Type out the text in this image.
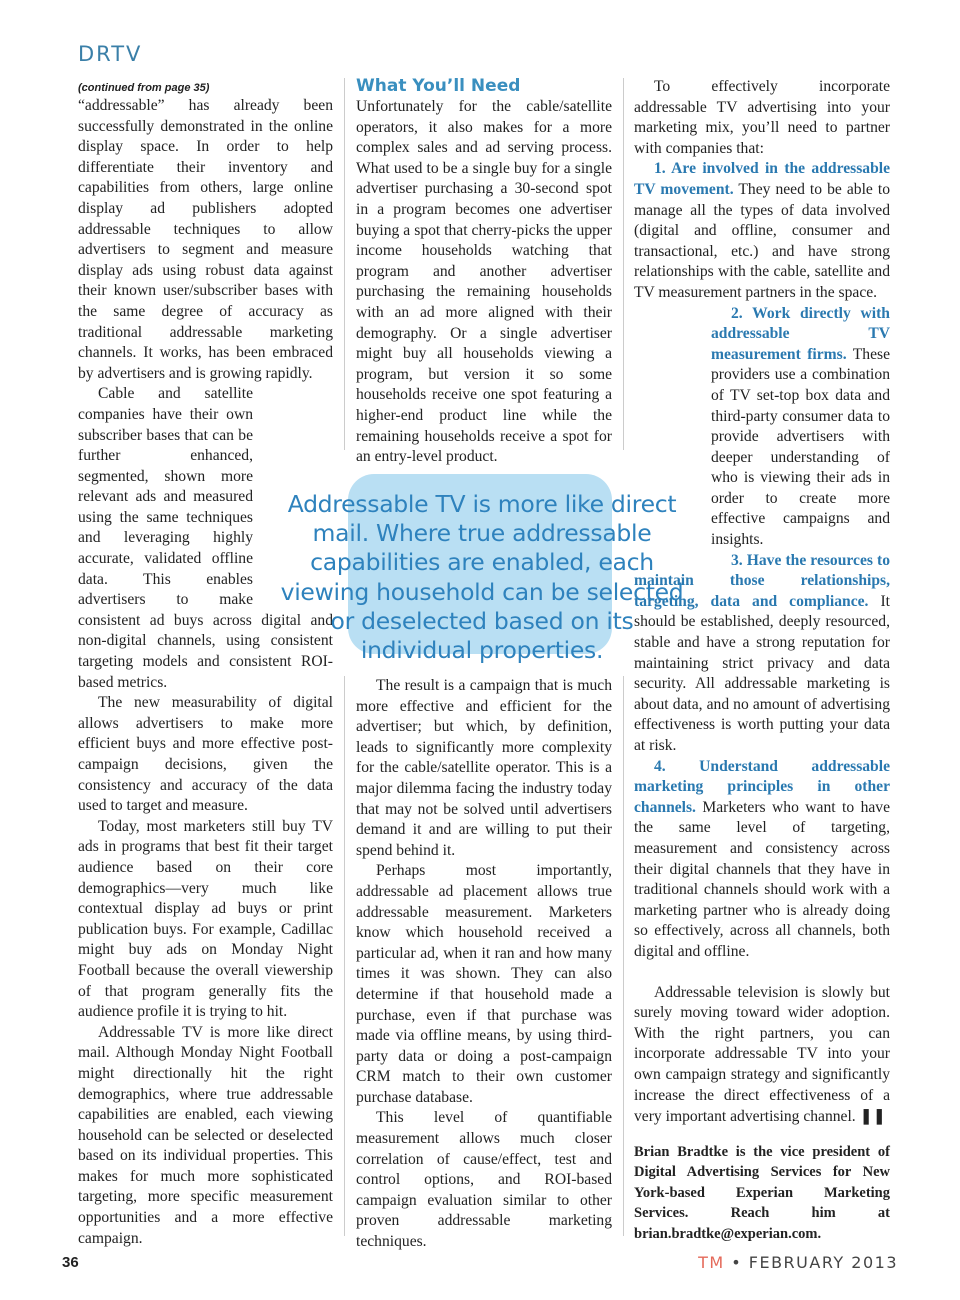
DRTV
(continued from page 35)

“addressable” has already been successfully demonstrated in the online display space. In order to help differentiate their inventory and capabilities from others, large online display ad publishers adopted addressable techniques to allow advertisers to segment and measure display ads using robust data against their known user/subscriber bases with the same degree of accuracy as traditional addressable marketing channels. It works, has been embraced by advertisers and is growing rapidly.

Cable and satellite companies have their own subscriber bases that can be further enhanced, segmented, shown more relevant ads and measured using the same techniques and leveraging highly accurate, validated offline data. This enables advertisers to make consistent ad buys across digital and non-digital channels, using consistent targeting models and consistent ROI-based metrics.

The new measurability of digital allows advertisers to make more efficient buys and more effective post-campaign decisions, given the consistency and accuracy of the data used to target and measure.

Today, most marketers still buy TV ads in programs that best fit their target audience based on their core demographics—very much like contextual display ad buys or print publication buys. For example, Cadillac might buy ads on Monday Night Football because the overall viewership of that program generally fits the audience profile it is trying to hit.

Addressable TV is more like direct mail. Although Monday Night Football might directionally hit the right demographics, where true addressable capabilities are enabled, each viewing household can be selected or deselected based on its individual properties. This makes for much more sophisticated targeting, more specific measurement opportunities and a more effective campaign.

What You’ll Need

Unfortunately for the cable/satellite operators, it also makes for a more complex sales and ad serving process. What used to be a single buy for a single advertiser purchasing a 30-second spot in a program becomes one advertiser buying a spot that cherry-picks the upper income households watching that program and another advertiser purchasing the remaining households with an ad more aligned with their demography. Or a single advertiser might buy all households viewing a program, but version it so some households receive one spot featuring a higher-end product line while the remaining households receive a spot for an entry-level product.

The result is a campaign that is much more effective and efficient for the advertiser; but which, by definition, leads to significantly more complexity for the cable/satellite operator. This is a major dilemma facing the industry today that may not be solved until advertisers demand it and are willing to put their spend behind it.

Perhaps most importantly, addressable ad placement allows true addressable measurement. Marketers know which household received a particular ad, when it ran and how many times it was shown. They can also determine if that household made a purchase, even if that purchase was made via offline means, by using third-party data or doing a post-campaign CRM match to their own customer purchase database.

This level of quantifiable measurement allows much closer correlation of cause/effect, test and control options, and ROI-based campaign evaluation similar to other proven addressable marketing techniques.

To effectively incorporate addressable TV advertising into your marketing mix, you’ll need to partner with companies that:

1. Are involved in the addressable TV movement. They need to be able to manage all the types of data involved (digital and offline, consumer and transactional, etc.) and have strong relationships with the cable, satellite and TV measurement partners in the space.

2. Work directly with addressable TV measurement firms. These providers use a combination of TV set-top box data and third-party consumer data to provide advertisers with deeper understanding of who is viewing their ads in order to create more effective campaigns and insights.

3. Have the resources to maintain those relationships, targeting, data and compliance. It should be established, deeply resourced, stable and have a strong reputation for maintaining strict privacy and data security. All addressable marketing is about data, and no amount of advertising effectiveness is worth putting your data at risk.

4. Understand addressable marketing principles in other channels. Marketers who want to have the same level of targeting, measurement and consistency across their digital channels that they have in traditional channels should work with a marketing partner who is already doing so effectively, across all channels, both digital and offline.

Addressable television is slowly but surely moving toward wider adoption. With the right partners, you can incorporate addressable TV into your own campaign strategy and significantly increase the direct effectiveness of a very important advertising channel. ❚❚

Brian Bradtke is the vice president of Digital Advertising Services for New York-based Experian Marketing Services. Reach him at brian.bradtke@experian.com.

Addressable TV is more like direct mail. Where true addressable capabilities are enabled, each viewing household can be selected or deselected based on its individual properties.
36	TM • FEBRUARY 2013
